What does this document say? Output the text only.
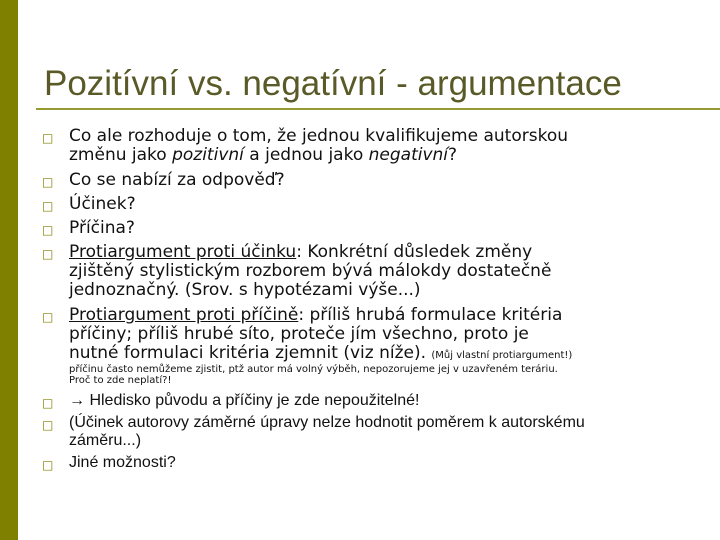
Pozitívní vs. negatívní - argumentace
□ Co ale rozhoduje o tom, že jednou kvalifikujeme autorskou
změnu jako pozitivní a jednou jako negativní?
□ Co se nabízí za odpověď?
□ Účinek?
□ Příčina?
□ Protiargument proti účinku: Konkrétní důsledek změny
zjištěný stylistickým rozborem bývá málokdy dostatečně
jednoznačný. (Srov. s hypotézami výše...)
□ Protiargument proti příčině: příliš hrubá formulace kritéria
příčiny; příliš hrubé síto, proteče jím všechno, proto je
nutné formulaci kritéria zjemnit (viz níže). (Můj vlastní protiargument!)
příčinu často nemůžeme zjistit, ptž autor má volný výběh, nepozorujeme jej v uzavřeném teráriu.
Proč to zde neplatí?!
□ → Hledisko původu a příčiny je zde nepoužitelné!
□ (Účinek autorovy záměrné úpravy nelze hodnotit poměrem k autorskému
záměru...)
□ Jiné možnosti?
